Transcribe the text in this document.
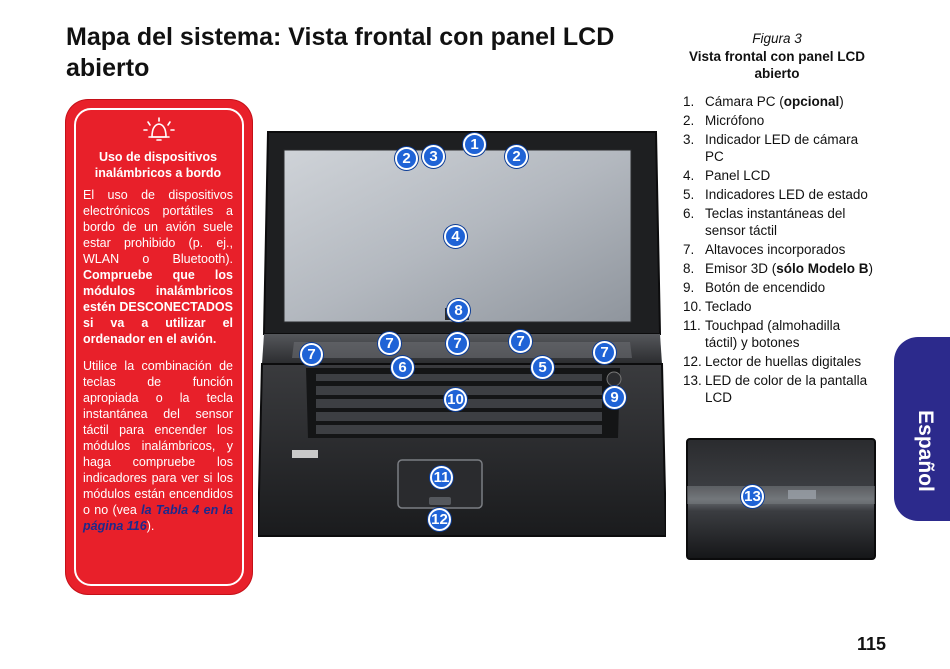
Mapa del sistema: Vista frontal con panel LCD abierto
Uso de dispositivos inalámbricos a bordo

El uso de dispositivos electrónicos portátiles a bordo de un avión suele estar prohibido (p. ej., WLAN o Bluetooth). Compruebe que los módulos inalámbricos estén DESCONECTADOS si va a utilizar el ordenador en el avión.

Utilice la combinación de teclas de función apropiada o la tecla instantánea del sensor táctil para encender los módulos inalámbricos, y haga compruebe los indicadores para ver si los módulos están encendidos o no (vea la Tabla 4 en la página 116).

1
2	3	2
4
8
7
7	7	7
7
6	5
10	9
11
12
Figura 3
Vista frontal con panel LCD abierto
1. Cámara PC (opcional)
2. Micrófono
3. Indicador LED de cámara PC
4. Panel LCD
5. Indicadores LED de estado
6. Teclas instantáneas del sensor táctil
7. Altavoces incorporados
8. Emisor 3D (sólo Modelo B)
9. Botón de encendido
10. Teclado
11. Touchpad (almohadilla táctil) y botones
12. Lector de huellas digitales
13. LED de color de la pantalla LCD
13
Español
115
